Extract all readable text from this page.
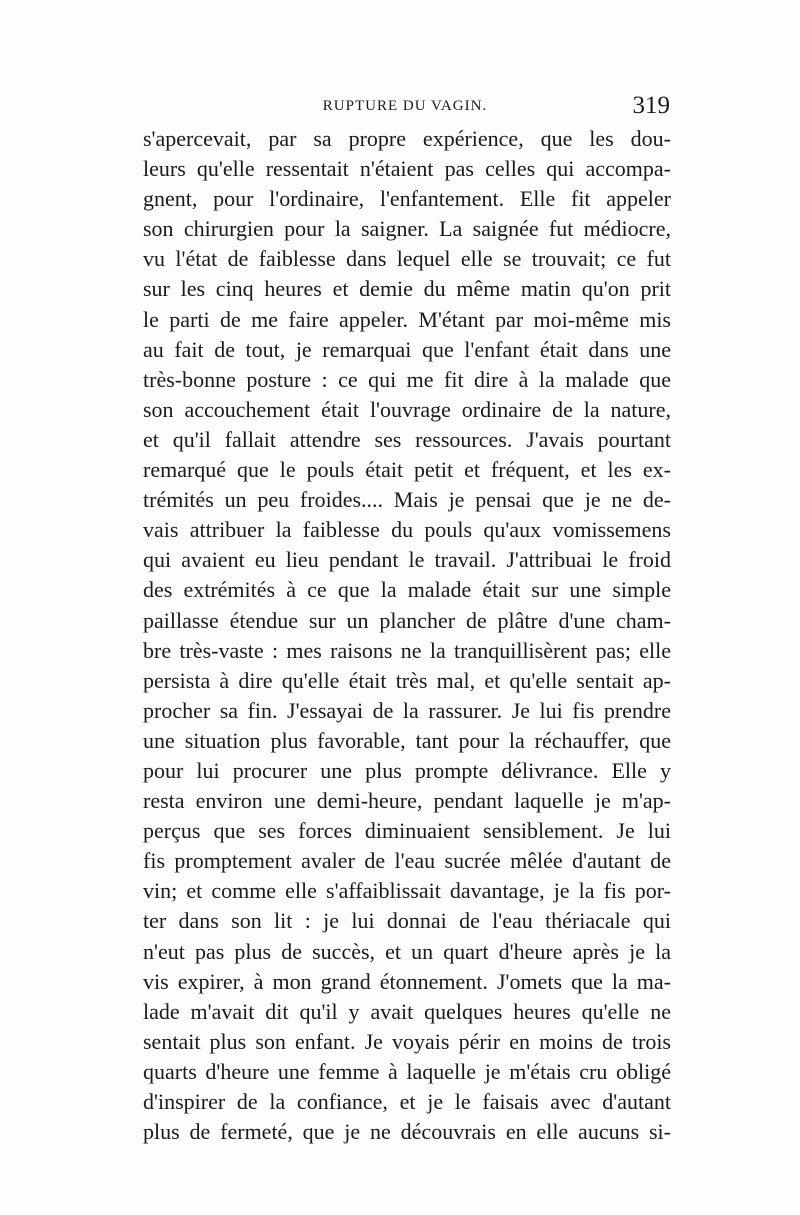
RUPTURE DU VAGIN.	319
s'apercevait, par sa propre expérience, que les dou-
leurs qu'elle ressentait n'étaient pas celles qui accompa-
gnent, pour l'ordinaire, l'enfantement. Elle fit appeler
son chirurgien pour la saigner. La saignée fut médiocre,
vu l'état de faiblesse dans lequel elle se trouvait; ce fut
sur les cinq heures et demie du même matin qu'on prit
le parti de me faire appeler. M'étant par moi-même mis
au fait de tout, je remarquai que l'enfant était dans une
très-bonne posture : ce qui me fit dire à la malade que
son accouchement était l'ouvrage ordinaire de la nature,
et qu'il fallait attendre ses ressources. J'avais pourtant
remarqué que le pouls était petit et fréquent, et les ex-
trémités un peu froides.... Mais je pensai que je ne de-
vais attribuer la faiblesse du pouls qu'aux vomissemens
qui avaient eu lieu pendant le travail. J'attribuai le froid
des extrémités à ce que la malade était sur une simple
paillasse étendue sur un plancher de plâtre d'une cham-
bre très-vaste : mes raisons ne la tranquillisèrent pas; elle
persista à dire qu'elle était très mal, et qu'elle sentait ap-
procher sa fin. J'essayai de la rassurer. Je lui fis prendre
une situation plus favorable, tant pour la réchauffer, que
pour lui procurer une plus prompte délivrance. Elle y
resta environ une demi-heure, pendant laquelle je m'ap-
perçus que ses forces diminuaient sensiblement. Je lui
fis promptement avaler de l'eau sucrée mêlée d'autant de
vin; et comme elle s'affaiblissait davantage, je la fis por-
ter dans son lit : je lui donnai de l'eau thériacale qui
n'eut pas plus de succès, et un quart d'heure après je la
vis expirer, à mon grand étonnement. J'omets que la ma-
lade m'avait dit qu'il y avait quelques heures qu'elle ne
sentait plus son enfant. Je voyais périr en moins de trois
quarts d'heure une femme à laquelle je m'étais cru obligé
d'inspirer de la confiance, et je le faisais avec d'autant
plus de fermeté, que je ne découvrais en elle aucuns si-
